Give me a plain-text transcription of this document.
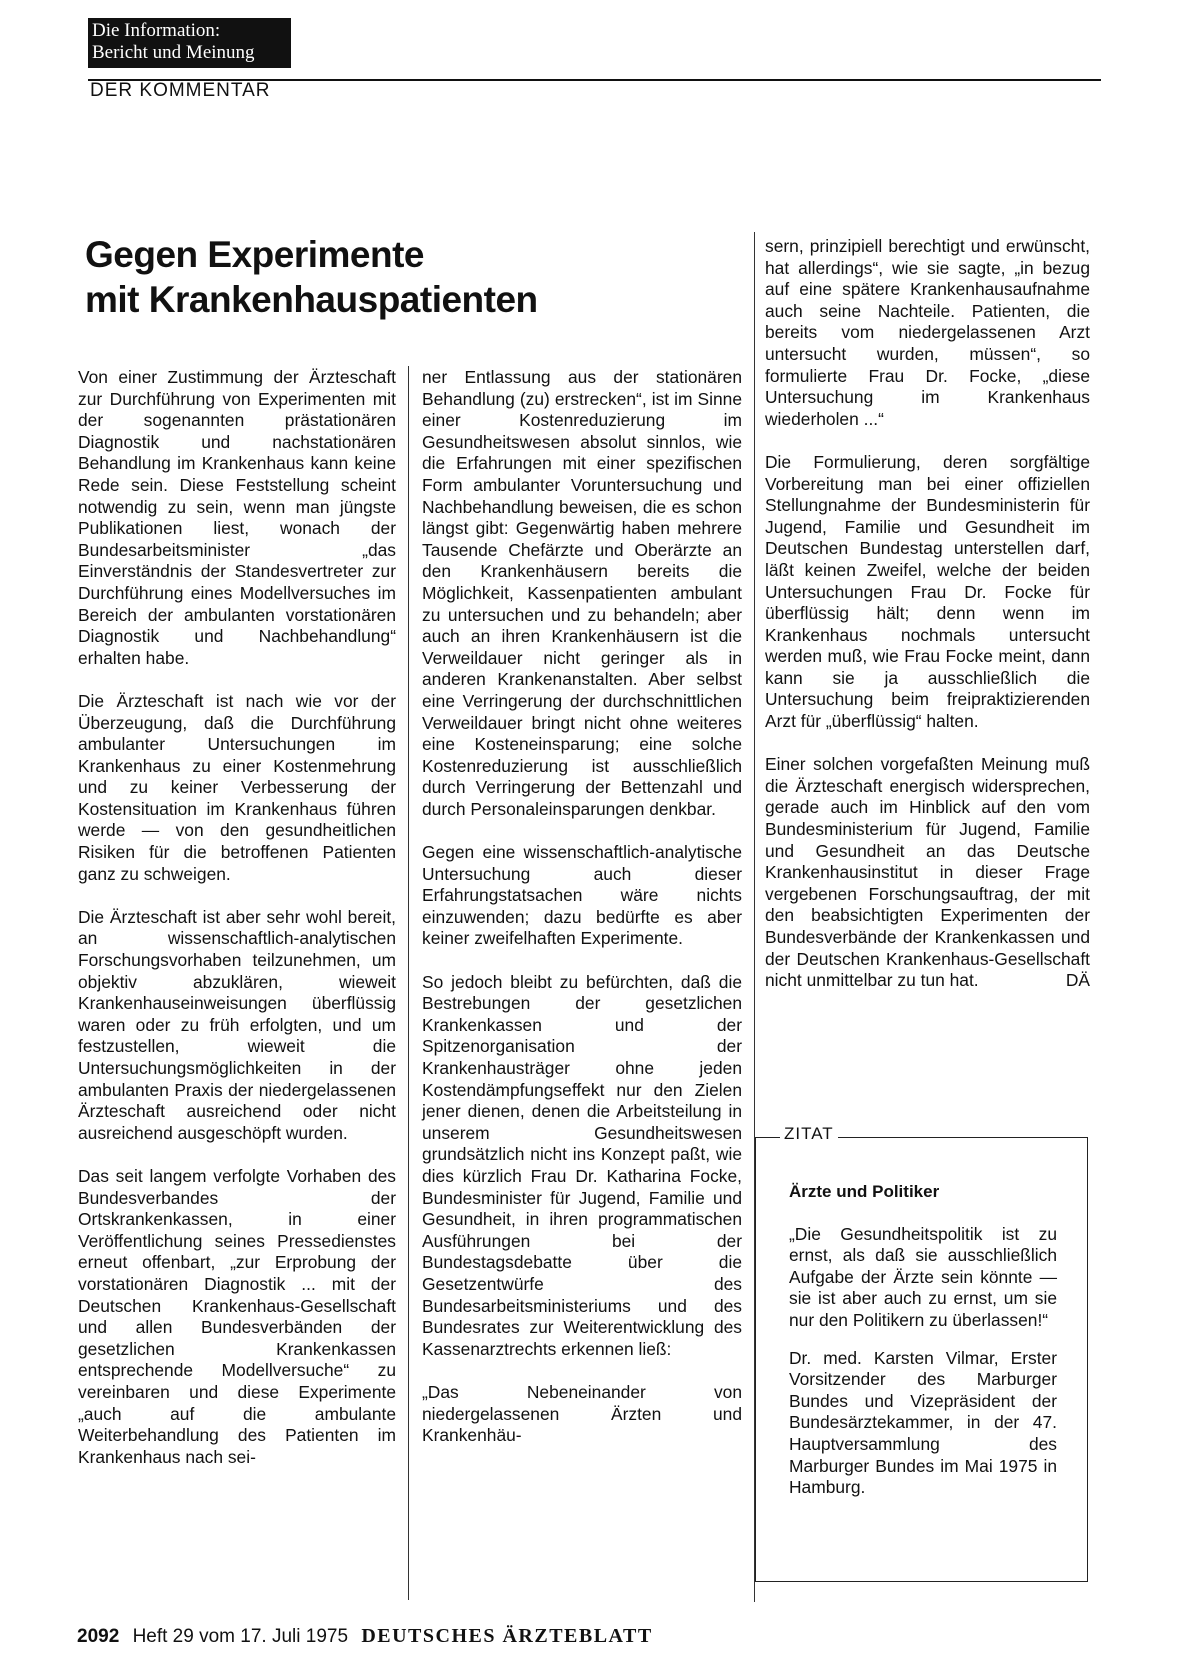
Die Information:
Bericht und Meinung
DER KOMMENTAR
Gegen Experimente
mit Krankenhauspatienten

Von einer Zustimmung der Ärzteschaft zur Durchführung von Experimenten mit der sogenannten prästationären Diagnostik und nachstationären Behandlung im Krankenhaus kann keine Rede sein. Diese Feststellung scheint notwendig zu sein, wenn man jüngste Publikationen liest, wonach der Bundesarbeitsminister „das Einverständnis der Standesvertreter zur Durchführung eines Modellversuches im Bereich der ambulanten vorstationären Diagnostik und Nachbehandlung“ erhalten habe.

Die Ärzteschaft ist nach wie vor der Überzeugung, daß die Durchführung ambulanter Untersuchungen im Krankenhaus zu einer Kostenmehrung und zu keiner Verbesserung der Kostensituation im Krankenhaus führen werde — von den gesundheitlichen Risiken für die betroffenen Patienten ganz zu schweigen.

Die Ärzteschaft ist aber sehr wohl bereit, an wissenschaftlich-analytischen Forschungsvorhaben teilzunehmen, um objektiv abzuklären, wieweit Krankenhauseinweisungen überflüssig waren oder zu früh erfolgten, und um festzustellen, wieweit die Untersuchungsmöglichkeiten in der ambulanten Praxis der niedergelassenen Ärzteschaft ausreichend oder nicht ausreichend ausgeschöpft wurden.

Das seit langem verfolgte Vorhaben des Bundesverbandes der Ortskrankenkassen, in einer Veröffentlichung seines Pressedienstes erneut offenbart, „zur Erprobung der vorstationären Diagnostik ... mit der Deutschen Krankenhaus-Gesellschaft und allen Bundesverbänden der gesetzlichen Krankenkassen entsprechende Modellversuche“ zu vereinbaren und diese Experimente „auch auf die ambulante Weiterbehandlung des Patienten im Krankenhaus nach sei-

ner Entlassung aus der stationären Behandlung (zu) erstrecken“, ist im Sinne einer Kostenreduzierung im Gesundheitswesen absolut sinnlos, wie die Erfahrungen mit einer spezifischen Form ambulanter Voruntersuchung und Nachbehandlung beweisen, die es schon längst gibt: Gegenwärtig haben mehrere Tausende Chefärzte und Oberärzte an den Krankenhäusern bereits die Möglichkeit, Kassenpatienten ambulant zu untersuchen und zu behandeln; aber auch an ihren Krankenhäusern ist die Verweildauer nicht geringer als in anderen Krankenanstalten. Aber selbst eine Verringerung der durchschnittlichen Verweildauer bringt nicht ohne weiteres eine Kosteneinsparung; eine solche Kostenreduzierung ist ausschließlich durch Verringerung der Bettenzahl und durch Personaleinsparungen denkbar.

Gegen eine wissenschaftlich-analytische Untersuchung auch dieser Erfahrungstatsachen wäre nichts einzuwenden; dazu bedürfte es aber keiner zweifelhaften Experimente.

So jedoch bleibt zu befürchten, daß die Bestrebungen der gesetzlichen Krankenkassen und der Spitzenorganisation der Krankenhausträger ohne jeden Kostendämpfungseffekt nur den Zielen jener dienen, denen die Arbeitsteilung in unserem Gesundheitswesen grundsätzlich nicht ins Konzept paßt, wie dies kürzlich Frau Dr. Katharina Focke, Bundesminister für Jugend, Familie und Gesundheit, in ihren programmatischen Ausführungen bei der Bundestagsdebatte über die Gesetzentwürfe des Bundesarbeitsministeriums und des Bundesrates zur Weiterentwicklung des Kassenarztrechts erkennen ließ:

„Das Nebeneinander von niedergelassenen Ärzten und Krankenhäu-

sern, prinzipiell berechtigt und erwünscht, hat allerdings“, wie sie sagte, „in bezug auf eine spätere Krankenhausaufnahme auch seine Nachteile. Patienten, die bereits vom niedergelassenen Arzt untersucht wurden, müssen“, so formulierte Frau Dr. Focke, „diese Untersuchung im Krankenhaus wiederholen ...“

Die Formulierung, deren sorgfältige Vorbereitung man bei einer offiziellen Stellungnahme der Bundesministerin für Jugend, Familie und Gesundheit im Deutschen Bundestag unterstellen darf, läßt keinen Zweifel, welche der beiden Untersuchungen Frau Dr. Focke für überflüssig hält; denn wenn im Krankenhaus nochmals untersucht werden muß, wie Frau Focke meint, dann kann sie ja ausschließlich die Untersuchung beim freipraktizierenden Arzt für „überflüssig“ halten.

Einer solchen vorgefaßten Meinung muß die Ärzteschaft energisch widersprechen, gerade auch im Hinblick auf den vom Bundesministerium für Jugend, Familie und Gesundheit an das Deutsche Krankenhausinstitut in dieser Frage vergebenen Forschungsauftrag, der mit den beabsichtigten Experimenten der Bundesverbände der Krankenkassen und der Deutschen Krankenhaus-Gesellschaft nicht unmittelbar zu tun hat.	DÄ

ZITAT
Ärzte und Politiker

„Die Gesundheitspolitik ist zu ernst, als daß sie ausschließlich Aufgabe der Ärzte sein könnte — sie ist aber auch zu ernst, um sie nur den Politikern zu überlassen!“

Dr. med. Karsten Vilmar, Erster Vorsitzender des Marburger Bundes und Vizepräsident der Bundesärztekammer, in der 47. Hauptversammlung des Marburger Bundes im Mai 1975 in Hamburg.

2092 Heft 29 vom 17. Juli 1975 DEUTSCHES ÄRZTEBLATT
